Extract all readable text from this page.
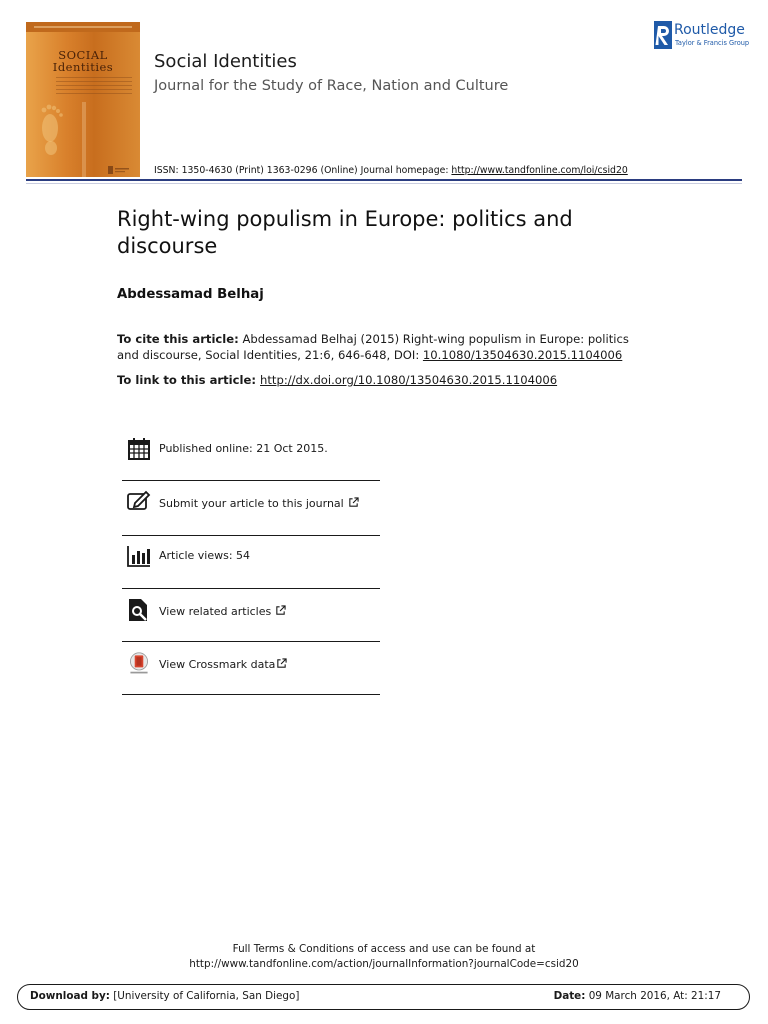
SOCIAL
Identities	Social Identities
Journal for the Study of Race, Nation and Culture
ISSN: 1350-4630 (Print) 1363-0296 (Online) Journal homepage: http://www.tandfonline.com/loi/csid20
Routledge
Taylor & Francis Group
Right-wing populism in Europe: politics and discourse
Abdessamad Belhaj
To cite this article: Abdessamad Belhaj (2015) Right-wing populism in Europe: politics and discourse, Social Identities, 21:6, 646-648, DOI: 10.1080/13504630.2015.1104006
To link to this article: http://dx.doi.org/10.1080/13504630.2015.1104006
Published online: 21 Oct 2015.
Submit your article to this journal
Article views: 54
View related articles
View Crossmark data
Full Terms & Conditions of access and use can be found at
http://www.tandfonline.com/action/journalInformation?journalCode=csid20
Download by: [University of California, San Diego]	Date: 09 March 2016, At: 21:17
